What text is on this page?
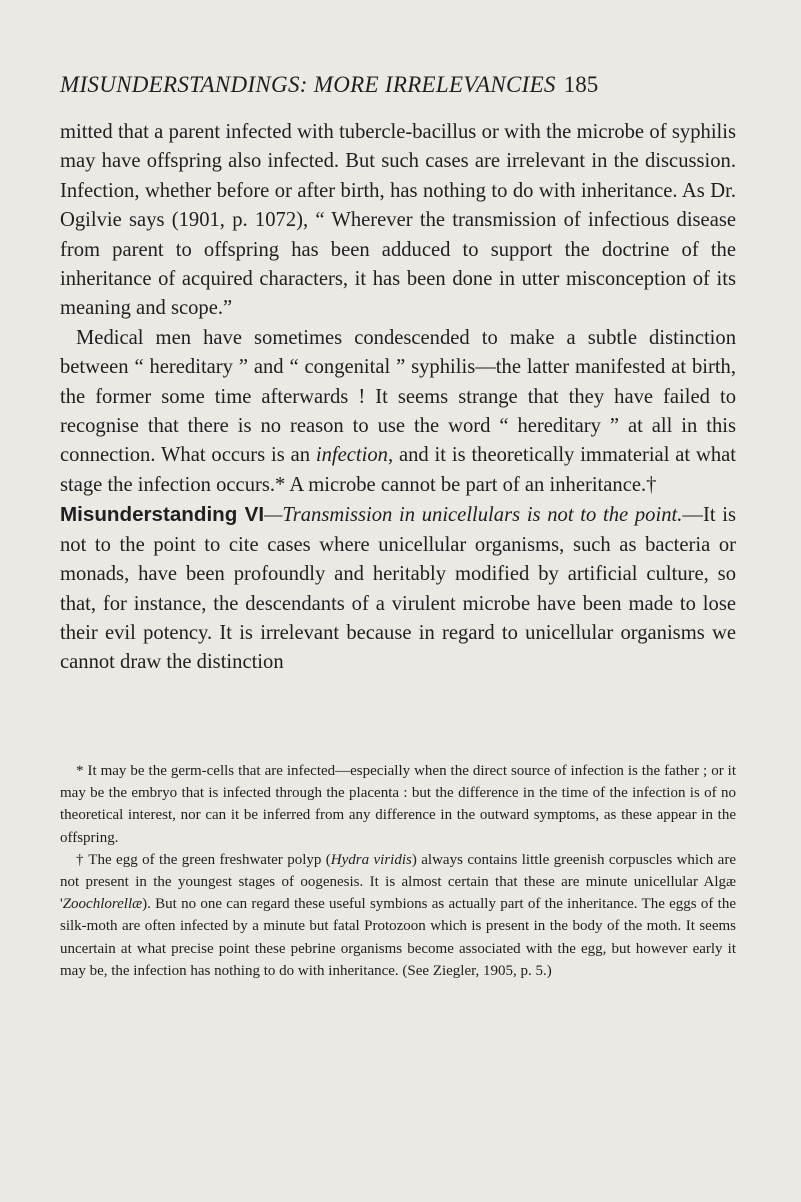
MISUNDERSTANDINGS: MORE IRRELEVANCIES 185

mitted that a parent infected with tubercle-bacillus or with the microbe of syphilis may have offspring also infected. But such cases are irrelevant in the discussion. Infection, whether before or after birth, has nothing to do with inheritance. As Dr. Ogilvie says (1901, p. 1072), “ Wherever the transmission of infectious disease from parent to offspring has been adduced to support the doctrine of the inheritance of acquired characters, it has been done in utter misconception of its meaning and scope.”

Medical men have sometimes condescended to make a subtle distinction between “ hereditary ” and “ congenital ” syphilis—the latter manifested at birth, the former some time afterwards ! It seems strange that they have failed to recognise that there is no reason to use the word “ hereditary ” at all in this connection. What occurs is an infection, and it is theoretically immaterial at what stage the infection occurs.* A microbe cannot be part of an inheritance.†

Misunderstanding VI—Transmission in unicellulars is not to the point.—It is not to the point to cite cases where unicellular organisms, such as bacteria or monads, have been profoundly and heritably modified by artificial culture, so that, for instance, the descendants of a virulent microbe have been made to lose their evil potency. It is irrelevant because in regard to unicellular organisms we cannot draw the distinction

* It may be the germ-cells that are infected—especially when the direct source of infection is the father ; or it may be the embryo that is infected through the placenta : but the difference in the time of the infection is of no theoretical interest, nor can it be inferred from any difference in the outward symptoms, as these appear in the offspring.

† The egg of the green freshwater polyp (Hydra viridis) always contains little greenish corpuscles which are not present in the youngest stages of oogenesis. It is almost certain that these are minute unicellular Algæ 'Zoochlorellæ). But no one can regard these useful symbions as actually part of the inheritance. The eggs of the silk-moth are often infected by a minute but fatal Protozoon which is present in the body of the moth. It seems uncertain at what precise point these pebrine organisms become associated with the egg, but however early it may be, the infection has nothing to do with inheritance. (See Ziegler, 1905, p. 5.)
